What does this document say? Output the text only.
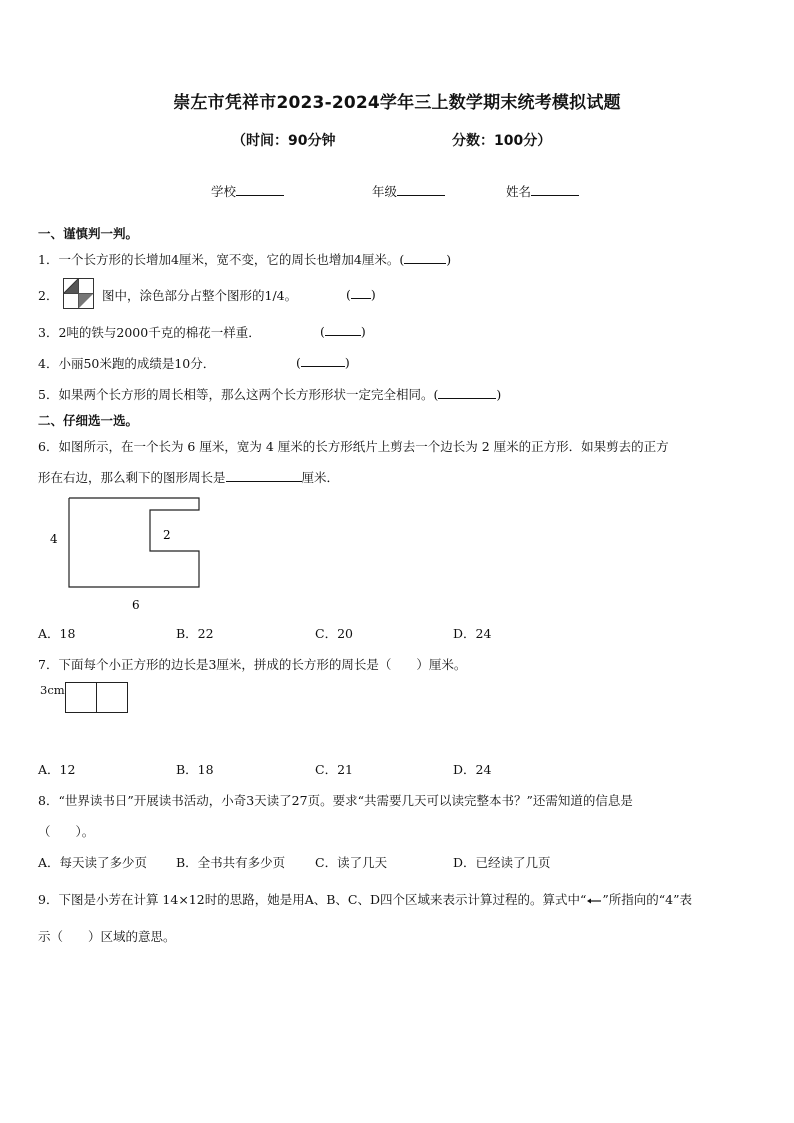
崇左市凭祥市2023-2024学年三上数学期末统考模拟试题
（时间：90分钟	分数：100分）
学校	年级	姓名
一、谨慎判一判。
1．一个长方形的长增加4厘米，宽不变，它的周长也增加4厘米。(	)
2．	图中，涂色部分占整个图形的1/4。	( )
3．2吨的铁与2000千克的棉花一样重．	(	)
4．小丽50米跑的成绩是10分．	(	)
5．如果两个长方形的周长相等，那么这两个长方形形状一定完全相同。(	)
二、仔细选一选。
6．如图所示，在一个长为 6 厘米，宽为 4 厘米的长方形纸片上剪去一个边长为 2 厘米的正方形．如果剪去的正方
形在右边，那么剩下的图形周长是	厘米．
4	2
6
A．18	B．22	C．20	D．24
7．下面每个小正方形的边长是3厘米，拼成的长方形的周长是（　　）厘米。
3cm
A．12	B．18	C．21	D．24
8．“世界读书日”开展读书活动，小奇3天读了27页。要求“共需要几天可以读完整本书？”还需知道的信息是
（　　）。
A．每天读了多少页 B．全书共有多少页 C．读了几天	D．已经读了几页
9．下图是小芳在计算 14×12时的思路，她是用A、B、C、D四个区域来表示计算过程的。算式中“ ”所指向的“4”表
示（　　）区域的意思。
